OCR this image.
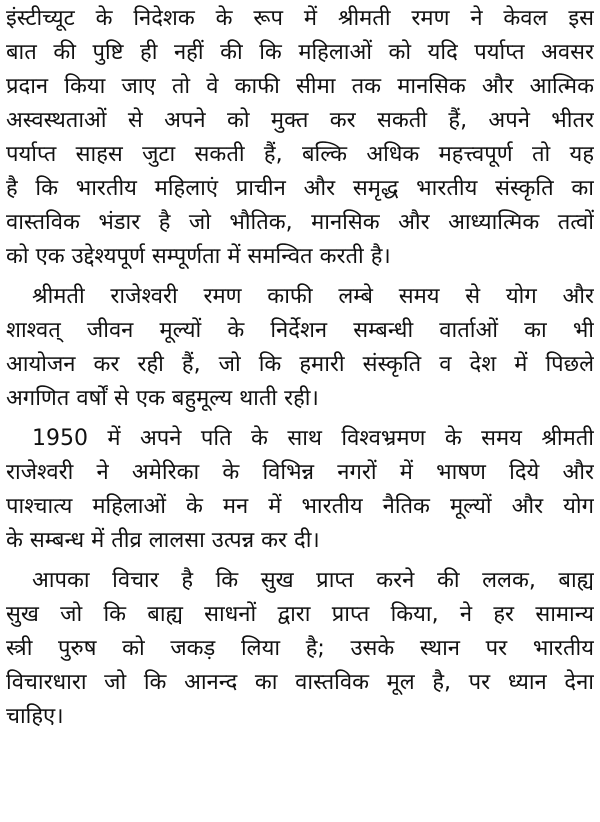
इंस्टीच्यूट के निदेशक के रूप में श्रीमती रमण ने केवल इस
बात की पुष्टि ही नहीं की कि महिलाओं को यदि पर्याप्त अवसर
प्रदान किया जाए तो वे काफी सीमा तक मानसिक और आत्मिक
अस्वस्थताओं से अपने को मुक्त कर सकती हैं, अपने भीतर
पर्याप्त साहस जुटा सकती हैं, बल्कि अधिक महत्त्वपूर्ण तो यह
है कि भारतीय महिलाएं प्राचीन और समृद्ध भारतीय संस्कृति का
वास्तविक भंडार है जो भौतिक, मानसिक और आध्यात्मिक तत्वों
को एक उद्देश्यपूर्ण सम्पूर्णता में समन्वित करती है।
श्रीमती राजेश्वरी रमण काफी लम्बे समय से योग और
शाश्वत् जीवन मूल्यों के निर्देशन सम्बन्धी वार्ताओं का भी
आयोजन कर रही हैं, जो कि हमारी संस्कृति व देश में पिछले
अगणित वर्षों से एक बहुमूल्य थाती रही।
1950 में अपने पति के साथ विश्वभ्रमण के समय श्रीमती
राजेश्वरी ने अमेरिका के विभिन्न नगरों में भाषण दिये और
पाश्चात्य महिलाओं के मन में भारतीय नैतिक मूल्यों और योग
के सम्बन्ध में तीव्र लालसा उत्पन्न कर दी।
आपका विचार है कि सुख प्राप्त करने की ललक, बाह्य
सुख जो कि बाह्य साधनों द्वारा प्राप्त किया, ने हर सामान्य
स्त्री पुरुष को जकड़ लिया है; उसके स्थान पर भारतीय
विचारधारा जो कि आनन्द का वास्तविक मूल है, पर ध्यान देना
चाहिए।
